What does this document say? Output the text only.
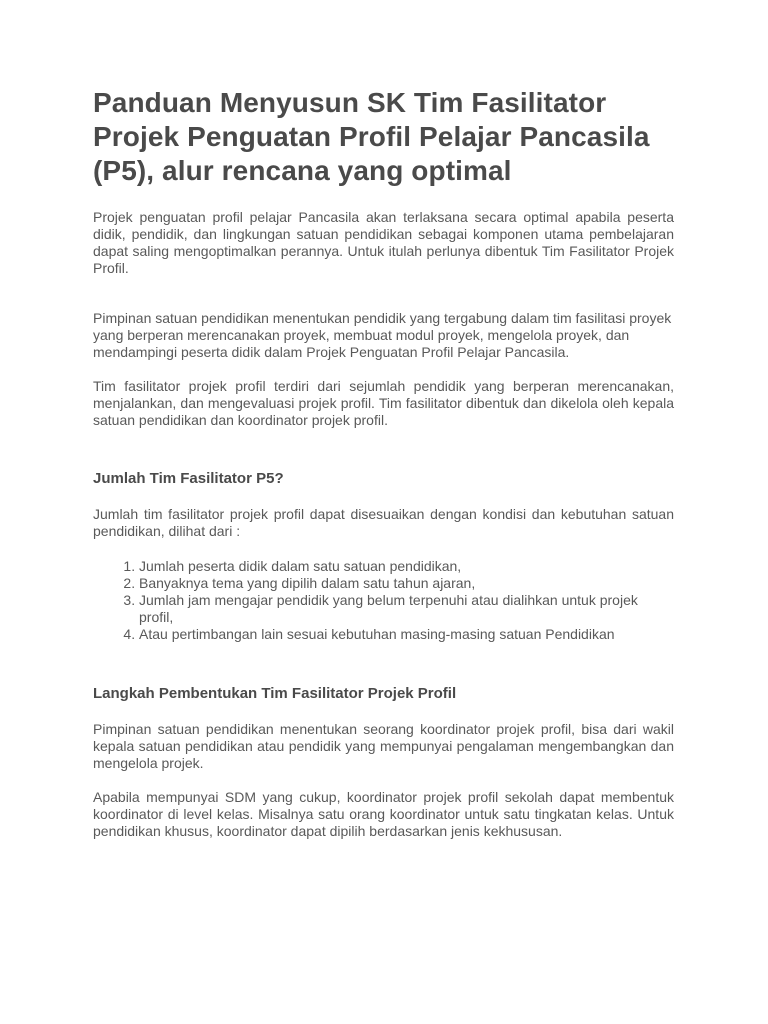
Panduan Menyusun SK Tim Fasilitator Projek Penguatan Profil Pelajar Pancasila (P5), alur rencana yang optimal

Projek penguatan profil pelajar Pancasila akan terlaksana secara optimal apabila peserta didik, pendidik, dan lingkungan satuan pendidikan sebagai komponen utama pembelajaran dapat saling mengoptimalkan perannya. Untuk itulah perlunya dibentuk Tim Fasilitator Projek Profil.

Pimpinan satuan pendidikan menentukan pendidik yang tergabung dalam tim fasilitasi proyek yang berperan merencanakan proyek, membuat modul proyek, mengelola proyek, dan mendampingi peserta didik dalam Projek Penguatan Profil Pelajar Pancasila.

Tim fasilitator projek profil terdiri dari sejumlah pendidik yang berperan merencanakan, menjalankan, dan mengevaluasi projek profil. Tim fasilitator dibentuk dan dikelola oleh kepala satuan pendidikan dan koordinator projek profil.

Jumlah Tim Fasilitator P5?

Jumlah tim fasilitator projek profil dapat disesuaikan dengan kondisi dan kebutuhan satuan pendidikan, dilihat dari :

1. Jumlah peserta didik dalam satu satuan pendidikan,
2. Banyaknya tema yang dipilih dalam satu tahun ajaran,
3. Jumlah jam mengajar pendidik yang belum terpenuhi atau dialihkan untuk projek profil,
4. Atau pertimbangan lain sesuai kebutuhan masing-masing satuan Pendidikan
Langkah Pembentukan Tim Fasilitator Projek Profil

Pimpinan satuan pendidikan menentukan seorang koordinator projek profil, bisa dari wakil kepala satuan pendidikan atau pendidik yang mempunyai pengalaman mengembangkan dan mengelola projek.

Apabila mempunyai SDM yang cukup, koordinator projek profil sekolah dapat membentuk koordinator di level kelas. Misalnya satu orang koordinator untuk satu tingkatan kelas. Untuk pendidikan khusus, koordinator dapat dipilih berdasarkan jenis kekhususan.
